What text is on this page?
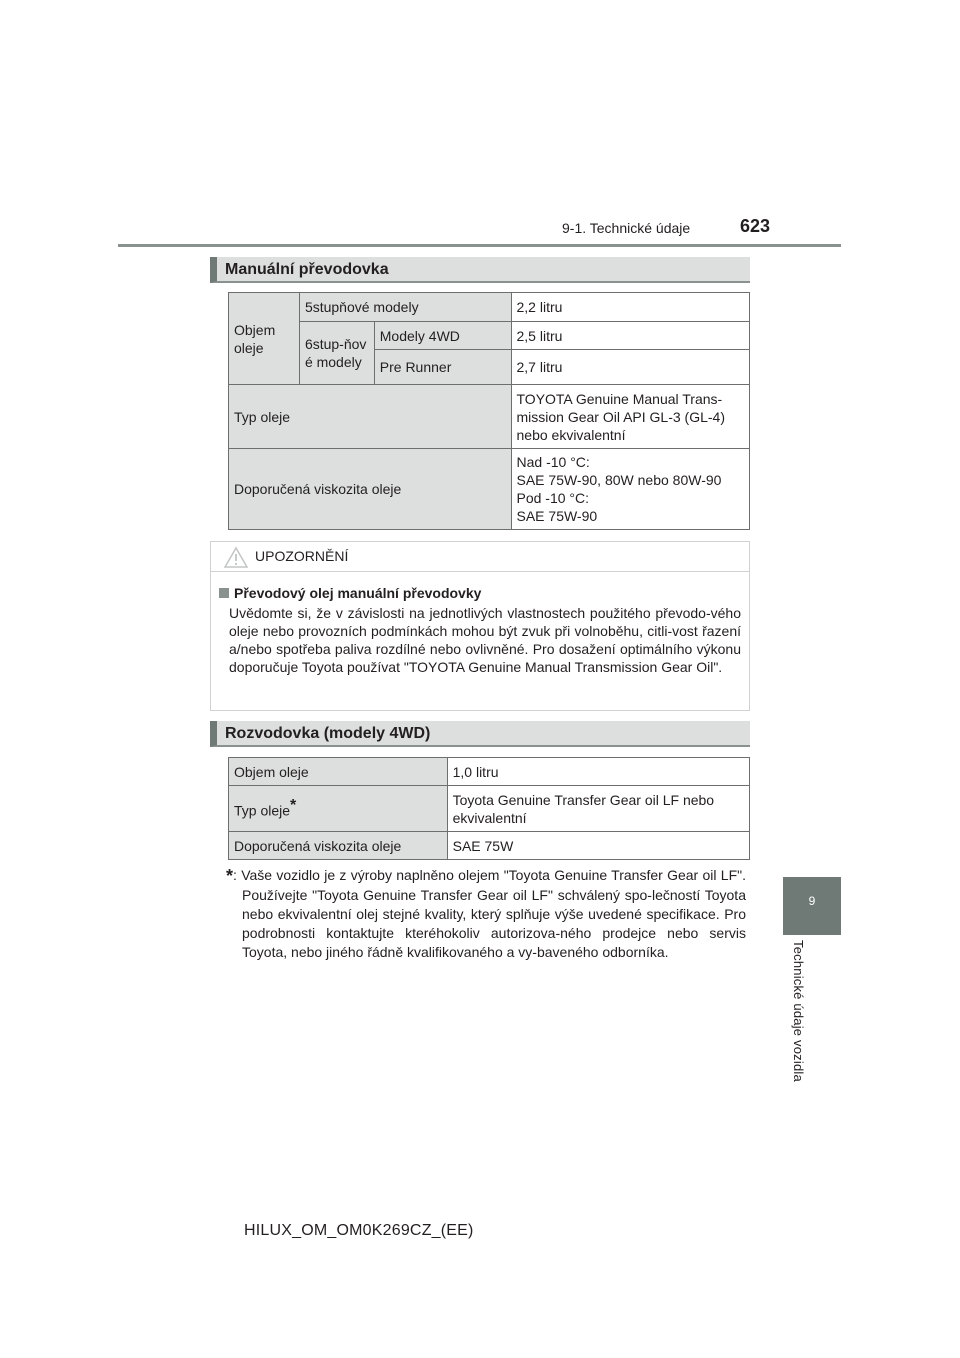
9-1. Technické údaje	623
9
Technické údaje vozidla
Manuální převodovka
Objem oleje	5stupňové modely		2,2 litru
	6stup-ňové modely	Modely 4WD	2,5 litru
		Pre Runner	2,7 litru
Typ oleje			TOYOTA Genuine Manual Trans-mission Gear Oil API GL-3 (GL-4) nebo ekvivalentní
Doporučená viskozita oleje			Nad -10 °C:
SAE 75W-90, 80W nebo 80W-90
Pod -10 °C:
SAE 75W-90
UPOZORNĚNÍ
Převodový olej manuální převodovky
Uvědomte si, že v závislosti na jednotlivých vlastnostech použitého převodo-vého oleje nebo provozních podmínkách mohou být zvuk při volnoběhu, citli-vost řazení a/nebo spotřeba paliva rozdílné nebo ovlivněné. Pro dosažení optimálního výkonu doporučuje Toyota používat "TOYOTA Genuine Manual Transmission Gear Oil".
Rozvodovka (modely 4WD)
Objem oleje	1,0 litru
Typ oleje*	Toyota Genuine Transfer Gear oil LF nebo ekvivalentní
Doporučená viskozita oleje	SAE 75W
*: Vaše vozidlo je z výroby naplněno olejem "Toyota Genuine Transfer Gear oil LF". Používejte "Toyota Genuine Transfer Gear oil LF" schválený spo-lečností Toyota nebo ekvivalentní olej stejné kvality, který splňuje výše uvedené specifikace. Pro podrobnosti kontaktujte kteréhokoliv autorizova-ného prodejce nebo servis Toyota, nebo jiného řádně kvalifikovaného a vy-baveného odborníka.
HILUX_OM_OM0K269CZ_(EE)
